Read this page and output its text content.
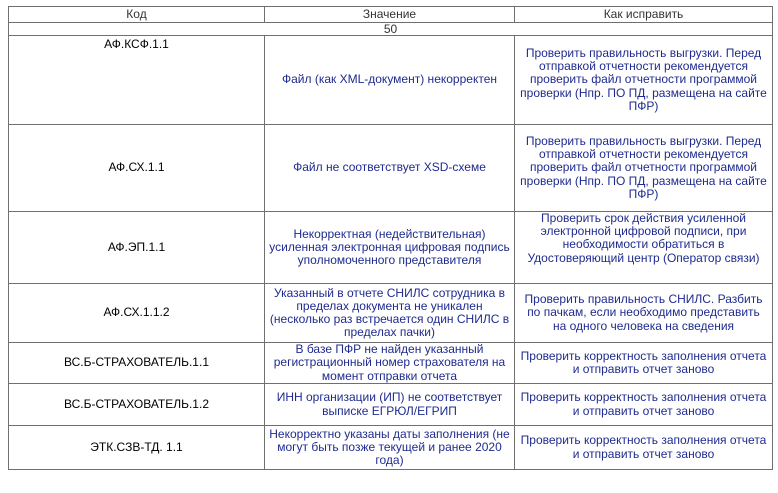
Код	Значение	Как исправить
50		
АФ.КСФ.1.1	Файл (как XML-документ) некорректен	Проверить правильность выгрузки. Перед отправкой отчетности рекомендуется проверить файл отчетности программой проверки (Нпр. ПО ПД, размещена на сайте ПФР)
АФ.СХ.1.1	Файл не соответствует XSD-схеме	Проверить правильность выгрузки. Перед отправкой отчетности рекомендуется проверить файл отчетности программой проверки (Нпр. ПО ПД, размещена на сайте ПФР)
АФ.ЭП.1.1	Некорректная (недействительная) усиленная электронная цифровая подпись уполномоченного представителя	Проверить срок действия усиленной электронной цифровой подписи, при необходимости обратиться в Удостоверяющий центр (Оператор связи)
АФ.СХ.1.1.2	Указанный в отчете СНИЛС сотрудника в пределах документа не уникален (несколько раз встречается один СНИЛС в пределах пачки)	Проверить правильность СНИЛС. Разбить по пачкам, если необходимо представить на одного человека на сведения
ВС.Б-СТРАХОВАТЕЛЬ.1.1	В базе ПФР не найден указанный регистрационный номер страхователя на момент отправки отчета	Проверить корректность заполнения отчета и отправить отчет заново
ВС.Б-СТРАХОВАТЕЛЬ.1.2	ИНН организации (ИП) не соответствует выписке ЕГРЮЛ/ЕГРИП	Проверить корректность заполнения отчета и отправить отчет заново
ЭТК.СЗВ-ТД. 1.1	Некорректно указаны даты заполнения (не могут быть позже текущей и ранее 2020 года)	Проверить корректность заполнения отчета и отправить отчет заново
